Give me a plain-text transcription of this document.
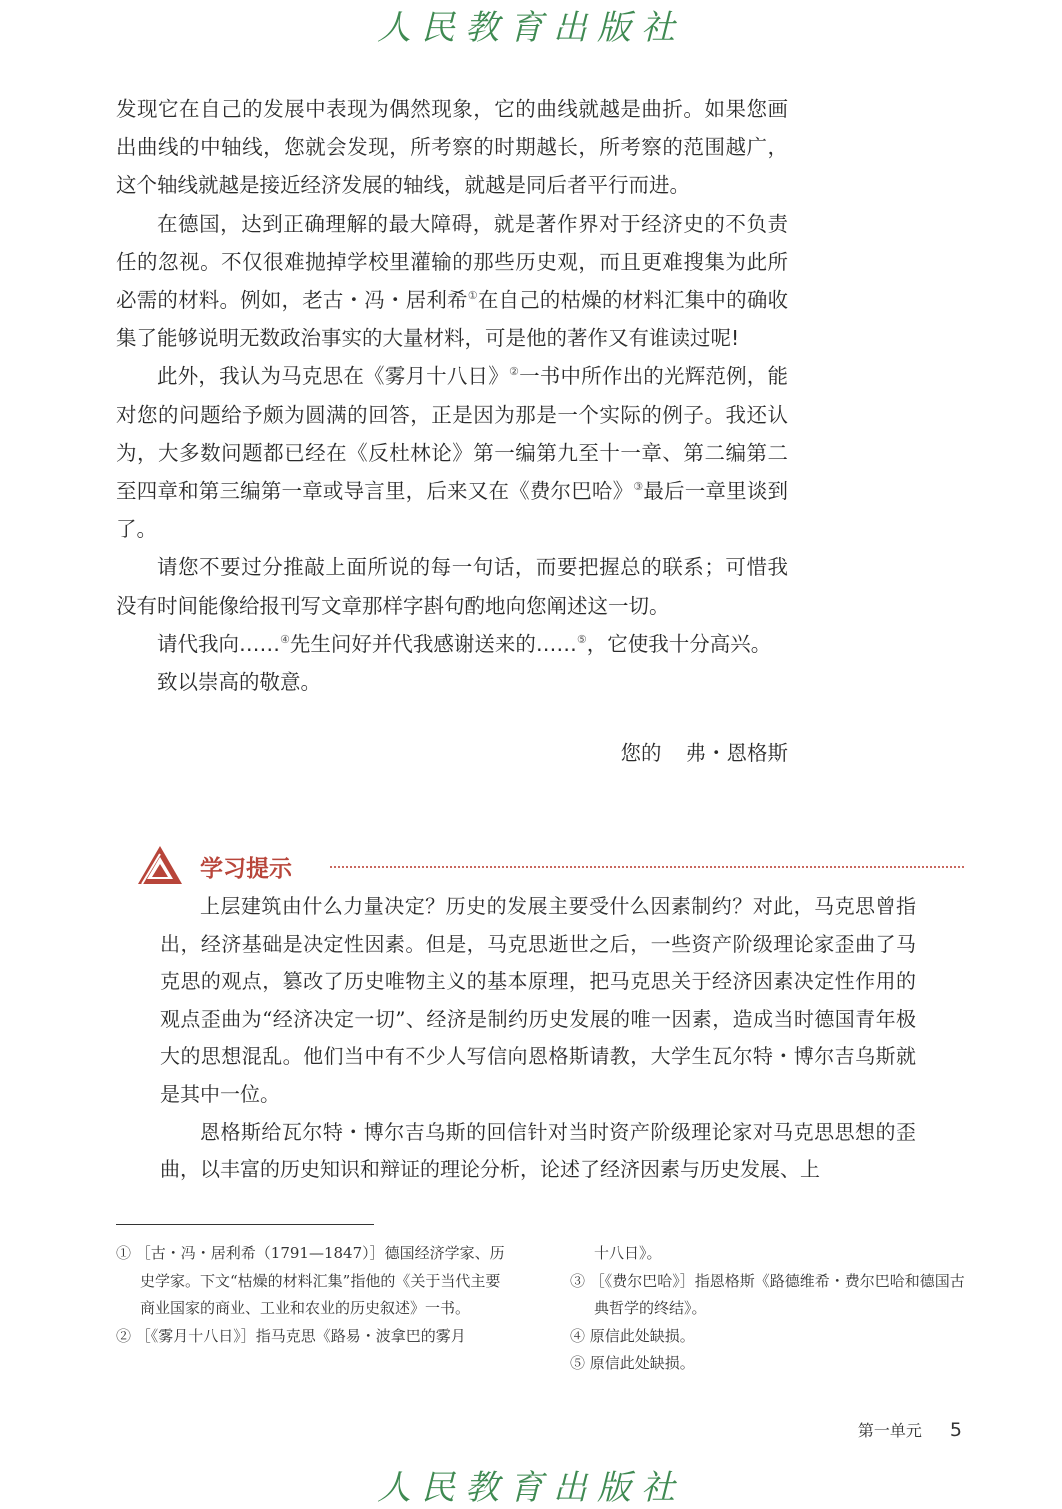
人民教育出版社

发现它在自己的发展中表现为偶然现象，它的曲线就越是曲折。如果您画出曲线的中轴线，您就会发现，所考察的时期越长，所考察的范围越广，这个轴线就越是接近经济发展的轴线，就越是同后者平行而进。

在德国，达到正确理解的最大障碍，就是著作界对于经济史的不负责任的忽视。不仅很难抛掉学校里灌输的那些历史观，而且更难搜集为此所必需的材料。例如，老古・冯・居利希①在自己的枯燥的材料汇集中的确收集了能够说明无数政治事实的大量材料，可是他的著作又有谁读过呢!

此外，我认为马克思在《雾月十八日》②一书中所作出的光辉范例，能对您的问题给予颇为圆满的回答，正是因为那是一个实际的例子。我还认为，大多数问题都已经在《反杜林论》第一编第九至十一章、第二编第二至四章和第三编第一章或导言里，后来又在《费尔巴哈》③最后一章里谈到了。

请您不要过分推敲上面所说的每一句话，而要把握总的联系；可惜我没有时间能像给报刊写文章那样字斟句酌地向您阐述这一切。

请代我向……④先生问好并代我感谢送来的……⑤，它使我十分高兴。

致以崇高的敬意。

您的 弗・恩格斯
学习提示

上层建筑由什么力量决定？历史的发展主要受什么因素制约？对此，马克思曾指出，经济基础是决定性因素。但是，马克思逝世之后，一些资产阶级理论家歪曲了马克思的观点，篡改了历史唯物主义的基本原理，把马克思关于经济因素决定性作用的观点歪曲为“经济决定一切”、经济是制约历史发展的唯一因素，造成当时德国青年极大的思想混乱。他们当中有不少人写信向恩格斯请教，大学生瓦尔特・博尔吉乌斯就是其中一位。

恩格斯给瓦尔特・博尔吉乌斯的回信针对当时资产阶级理论家对马克思思想的歪曲，以丰富的历史知识和辩证的理论分析，论述了经济因素与历史发展、上

① ［古・冯・居利希（1791—1847）］德国经济学家、历史学家。下文“枯燥的材料汇集”指他的《关于当代主要商业国家的商业、工业和农业的历史叙述》一书。

② ［《雾月十八日》］指马克思《路易・波拿巴的雾月

十八日》。

③ ［《费尔巴哈》］指恩格斯《路德维希・费尔巴哈和德国古典哲学的终结》。

④ 原信此处缺损。

⑤ 原信此处缺损。

第一单元 5
人民教育出版社
